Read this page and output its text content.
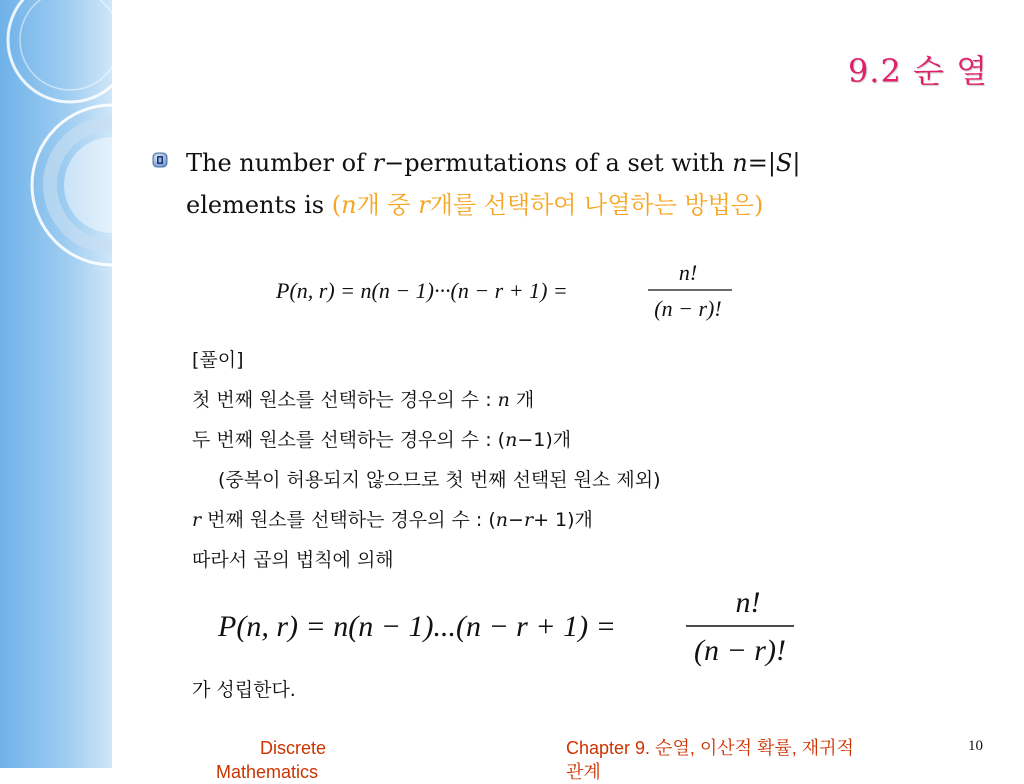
9.2 순 열
The number of r−permutations of a set with n=|S|
elements is (n개 중 r개를 선택하여 나열하는 방법은)
P(n, r) = n(n − 1)···(n − r + 1) =
n!
(n − r)!
[풀이]
첫 번째 원소를 선택하는 경우의 수 : n 개
두 번째 원소를 선택하는 경우의 수 : (n−1)개
(중복이 허용되지 않으므로 첫 번째 선택된 원소 제외)
r 번째 원소를 선택하는 경우의 수 : (n−r+ 1)개
따라서 곱의 법칙에 의해
P(n, r) = n(n − 1)...(n − r + 1) =
n!
(n − r)!
가 성립한다.
Discrete
Mathematics
Chapter 9. 순열, 이산적 확률, 재귀적
관계
10
